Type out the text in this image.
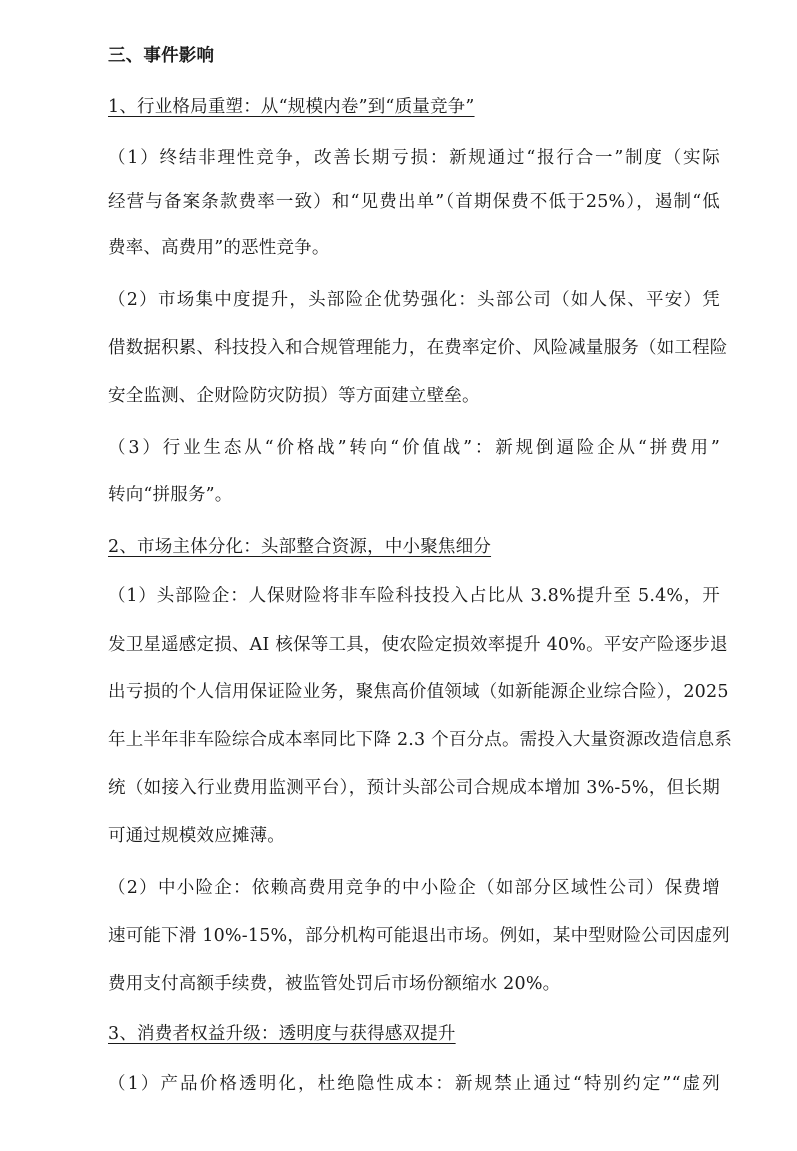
三、事件影响
1、行业格局重塑：从“规模内卷”到“质量竞争”
（1）终结非理性竞争，改善长期亏损：新规通过“报行合一”制度（实际
经营与备案条款费率一致）和“见费出单”（首期保费不低于25%），遏制“低
费率、高费用”的恶性竞争。
（2）市场集中度提升，头部险企优势强化：头部公司（如人保、平安）凭
借数据积累、科技投入和合规管理能力，在费率定价、风险减量服务（如工程险
安全监测、企财险防灾防损）等方面建立壁垒。
（3）行业生态从“价格战”转向“价值战”：新规倒逼险企从“拼费用”
转向“拼服务”。
2、市场主体分化：头部整合资源，中小聚焦细分
（1）头部险企：人保财险将非车险科技投入占比从 3.8%提升至 5.4%，开
发卫星遥感定损、AI 核保等工具，使农险定损效率提升 40%。平安产险逐步退
出亏损的个人信用保证险业务，聚焦高价值领域（如新能源企业综合险），2025
年上半年非车险综合成本率同比下降 2.3 个百分点。需投入大量资源改造信息系
统（如接入行业费用监测平台），预计头部公司合规成本增加 3%-5%，但长期
可通过规模效应摊薄。
（2）中小险企：依赖高费用竞争的中小险企（如部分区域性公司）保费增
速可能下滑 10%-15%，部分机构可能退出市场。例如，某中型财险公司因虚列
费用支付高额手续费，被监管处罚后市场份额缩水 20%。
3、消费者权益升级：透明度与获得感双提升
（1）产品价格透明化，杜绝隐性成本：新规禁止通过“特别约定”“虚列
